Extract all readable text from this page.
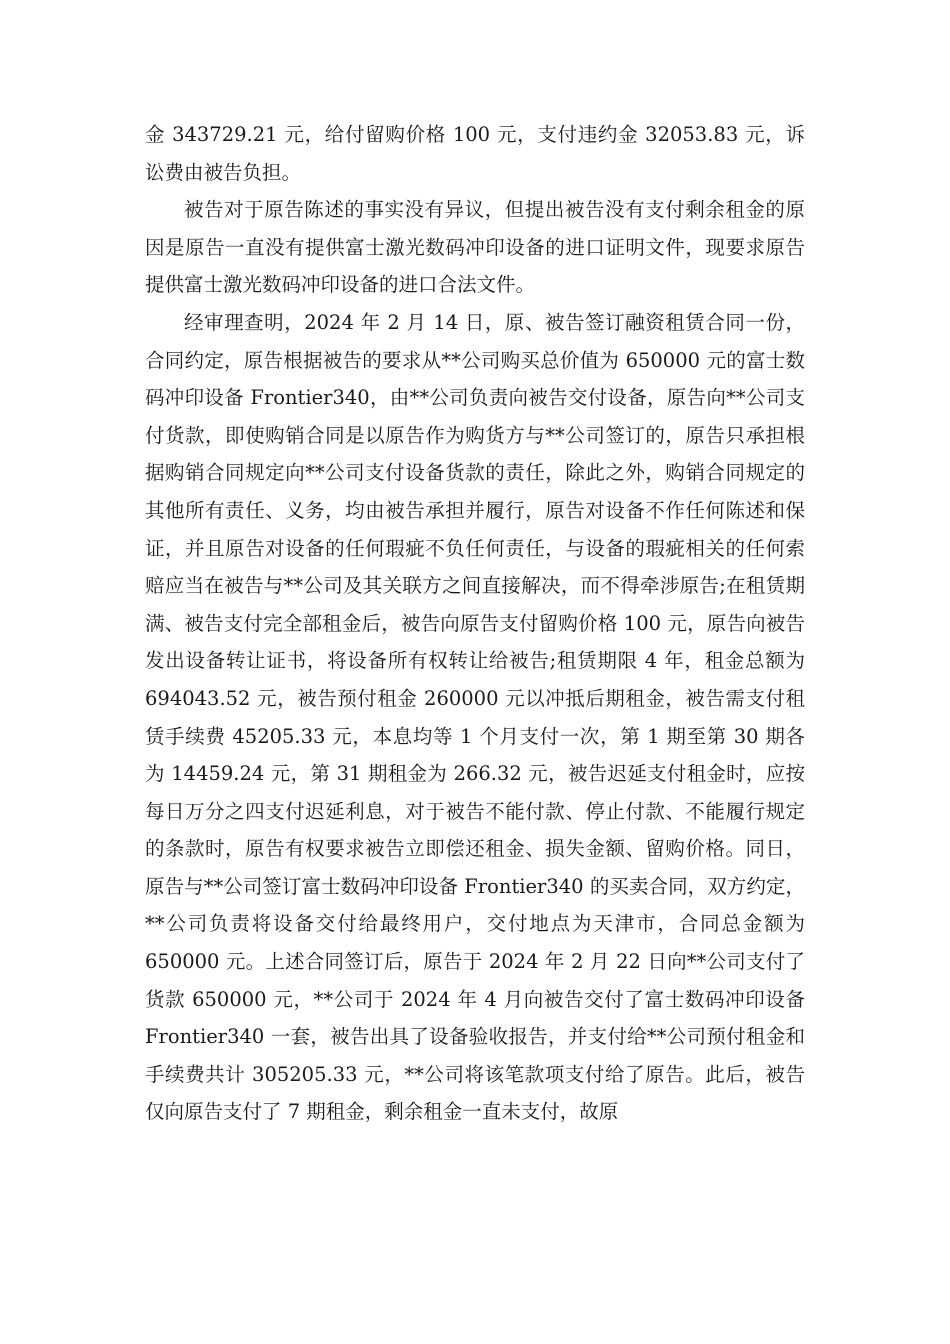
金 343729.21 元，给付留购价格 100 元，支付违约金 32053.83 元，诉讼费由被告负担。

被告对于原告陈述的事实没有异议，但提出被告没有支付剩余租金的原因是原告一直没有提供富士激光数码冲印设备的进口证明文件，现要求原告提供富士激光数码冲印设备的进口合法文件。

经审理查明，2024 年 2 月 14 日，原、被告签订融资租赁合同一份，合同约定，原告根据被告的要求从**公司购买总价值为 650000 元的富士数码冲印设备 Frontier340，由**公司负责向被告交付设备，原告向**公司支付货款，即使购销合同是以原告作为购货方与**公司签订的，原告只承担根据购销合同规定向**公司支付设备货款的责任，除此之外，购销合同规定的其他所有责任、义务，均由被告承担并履行，原告对设备不作任何陈述和保证，并且原告对设备的任何瑕疵不负任何责任，与设备的瑕疵相关的任何索赔应当在被告与**公司及其关联方之间直接解决，而不得牵涉原告;在租赁期满、被告支付完全部租金后，被告向原告支付留购价格 100 元，原告向被告发出设备转让证书，将设备所有权转让给被告;租赁期限 4 年，租金总额为 694043.52 元，被告预付租金 260000 元以冲抵后期租金，被告需支付租赁手续费 45205.33 元，本息均等 1 个月支付一次，第 1 期至第 30 期各为 14459.24 元，第 31 期租金为 266.32 元，被告迟延支付租金时，应按每日万分之四支付迟延利息，对于被告不能付款、停止付款、不能履行规定的条款时，原告有权要求被告立即偿还租金、损失金额、留购价格。同日，原告与**公司签订富士数码冲印设备 Frontier340 的买卖合同，双方约定，**公司负责将设备交付给最终用户，交付地点为天津市，合同总金额为 650000 元。上述合同签订后，原告于 2024 年 2 月 22 日向**公司支付了货款 650000 元，**公司于 2024 年 4 月向被告交付了富士数码冲印设备 Frontier340 一套，被告出具了设备验收报告，并支付给**公司预付租金和手续费共计 305205.33 元，**公司将该笔款项支付给了原告。此后，被告仅向原告支付了 7 期租金，剩余租金一直未支付，故原
